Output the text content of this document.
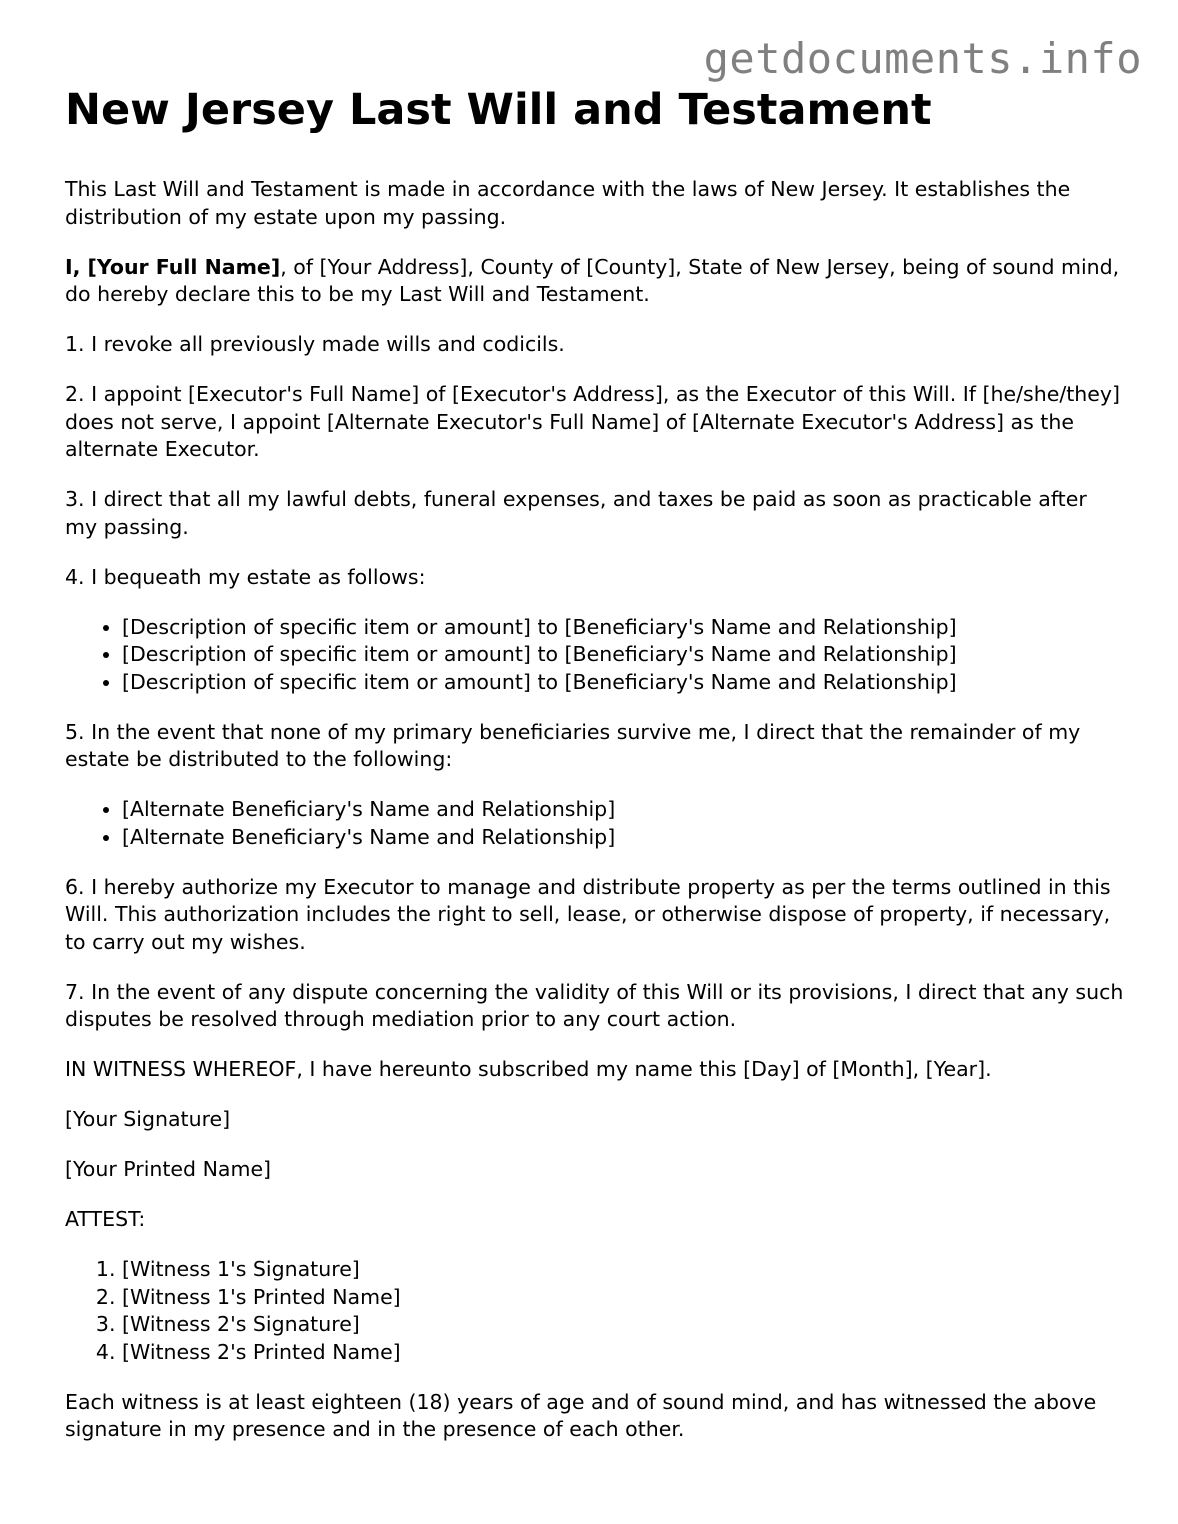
getdocuments.info
New Jersey Last Will and Testament

This Last Will and Testament is made in accordance with the laws of New Jersey. It establishes the distribution of my estate upon my passing.

I, [Your Full Name], of [Your Address], County of [County], State of New Jersey, being of sound mind, do hereby declare this to be my Last Will and Testament.

1. I revoke all previously made wills and codicils.

2. I appoint [Executor's Full Name] of [Executor's Address], as the Executor of this Will. If [he/she/they] does not serve, I appoint [Alternate Executor's Full Name] of [Alternate Executor's Address] as the alternate Executor.

3. I direct that all my lawful debts, funeral expenses, and taxes be paid as soon as practicable after my passing.

4. I bequeath my estate as follows:

• [Description of specific item or amount] to [Beneficiary's Name and Relationship]
• [Description of specific item or amount] to [Beneficiary's Name and Relationship]
• [Description of specific item or amount] to [Beneficiary's Name and Relationship]

5. In the event that none of my primary beneficiaries survive me, I direct that the remainder of my estate be distributed to the following:

• [Alternate Beneficiary's Name and Relationship]
• [Alternate Beneficiary's Name and Relationship]

6. I hereby authorize my Executor to manage and distribute property as per the terms outlined in this Will. This authorization includes the right to sell, lease, or otherwise dispose of property, if necessary, to carry out my wishes.

7. In the event of any dispute concerning the validity of this Will or its provisions, I direct that any such disputes be resolved through mediation prior to any court action.

IN WITNESS WHEREOF, I have hereunto subscribed my name this [Day] of [Month], [Year].

[Your Signature]

[Your Printed Name]

ATTEST:

1. [Witness 1's Signature]
2. [Witness 1's Printed Name]
3. [Witness 2's Signature]
4. [Witness 2's Printed Name]

Each witness is at least eighteen (18) years of age and of sound mind, and has witnessed the above signature in my presence and in the presence of each other.
